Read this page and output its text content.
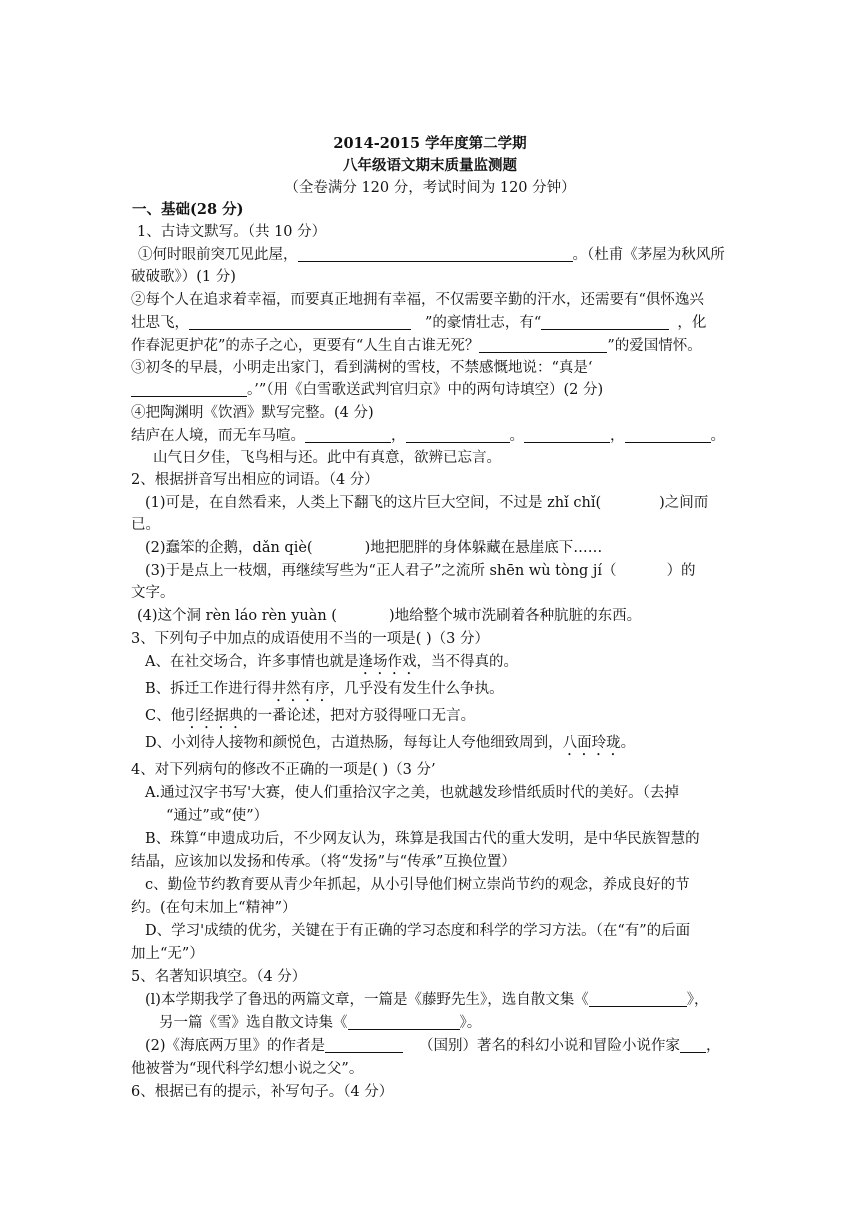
2014-2015 学年度第二学期
八年级语文期末质量监测题
（全卷满分 120 分，考试时间为 120 分钟）
一、基础(28 分)
1、古诗文默写。（共 10 分）
①何时眼前突兀见此屋，	。（杜甫《茅屋为秋风所
破破歌》）(1 分)
②每个人在追求着幸福，而要真正地拥有幸福，不仅需要辛勤的汗水，还需要有“俱怀逸兴
壮思飞，	”的豪情壮志，有“	，化
作春泥更护花”的赤子之心，更要有“人生自古谁无死？	”的爱国情怀。
③初冬的早晨，小明走出家门，看到满树的雪枝，不禁感慨地说：“真是‘
。’”（用《白雪歌送武判官归京》中的两句诗填空）(2 分)
④把陶渊明《饮酒》默写完整。(4 分)
结庐在人境，而无车马喧。	，	。	，	。
山气日夕佳，飞鸟相与还。此中有真意，欲辨已忘言。
2、根据拼音写出相应的词语。（4 分）
(1)可是，在自然看来，人类上下翻飞的这片巨大空间，不过是 zhǐ chǐ(	)之间而
已。
(2)蠢笨的企鹅，dǎn qiè(	)地把肥胖的身体躲藏在悬崖底下……
(3)于是点上一枝烟，再继续写些为“正人君子”之流所 shēn wù tòng jí（	）的
文字。
(4)这个洞 rèn láo rèn yuàn (	)地给整个城市洗刷着各种肮脏的东西。
3、下列句子中加点的成语使用不当的一项是( )（3 分）
A、在社交场合，许多事情也就是逢场作戏，当不得真的。
B、拆迁工作进行得井然有序，几乎没有发生什么争执。
C、他引经据典的一番论述，把对方驳得哑口无言。
D、小刘待人接物和颜悦色，古道热肠，每每让人夸他细致周到，八面玲珑。
4、对下列病句的修改不正确的一项是( )（3 分’
A.通过汉字书写'大赛，使人们重拾汉字之美，也就越发珍惜纸质时代的美好。（去掉
“通过”或“使”）
B、珠算“申遗成功后，不少网友认为，珠算是我国古代的重大发明，是中华民族智慧的
结晶，应该加以发扬和传承。（将“发扬”与“传承”互换位置）
c、勤俭节约教育要从青少年抓起，从小引导他们树立崇尚节约的观念，养成良好的节
约。(在句末加上“精神”）
D、学习'成绩的优劣，关键在于有正确的学习态度和科学的学习方法。（在“有”的后面
加上“无”）
5、名著知识填空。（4 分）
(l)本学期我学了鲁迅的两篇文章，一篇是《藤野先生》，选自散文集《	》，
另一篇《雪》选自散文诗集《	》。
(2)《海底两万里》的作者是	（国别）著名的科幻小说和冒险小说作家 ，
他被誉为“现代科学幻想小说之父”。
6、根据已有的提示，补写句子。（4 分）
